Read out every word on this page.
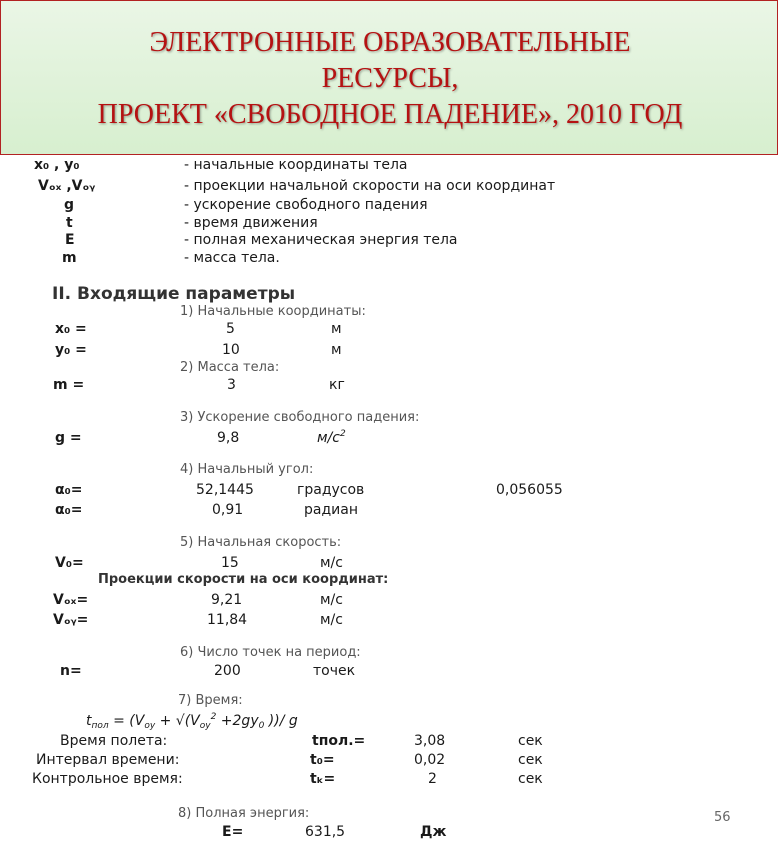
ЭЛЕКТРОННЫЕ ОБРАЗОВАТЕЛЬНЫЕ
РЕСУРСЫ,
ПРОЕКТ «СВОБОДНОЕ ПАДЕНИЕ», 2010 ГОД
x₀ , y₀	- начальные координаты тела
Vₒₓ ,Vₒᵧ	- проекции начальной скорости на оси координат
g	- ускорение свободного падения
t	- время движения
E	- полная механическая энергия тела
m	- масса тела.
II. Входящие параметры
1) Начальные координаты:
x₀ =	5	м
y₀ =	10	м
2) Масса тела:
m =	3	кг
3) Ускорение свободного падения:
g =	9,8	$м/с^2$
4) Начальный угол:
α₀=	52,1445	градусов	0,056055
α₀=	0,91	радиан
5) Начальная скорость:
V₀=	15	м/с
Проекции скорости на оси координат:
Vₒₓ=	9,21	м/с
Vₒᵧ=	11,84	м/с
6) Число точек на период:
n=	200	точек
7) Время:
$t_{пол} = (V_{oy} + √(V_{oy}^2 +2gy_0$ ))/ g
Время полета:	tпол.=	3,08	сек
Интервал времени:	t₀=	0,02	сек
Контрольное время:	tₖ=	2	сек
8) Полная энергия:
E=	631,5	Дж
56
